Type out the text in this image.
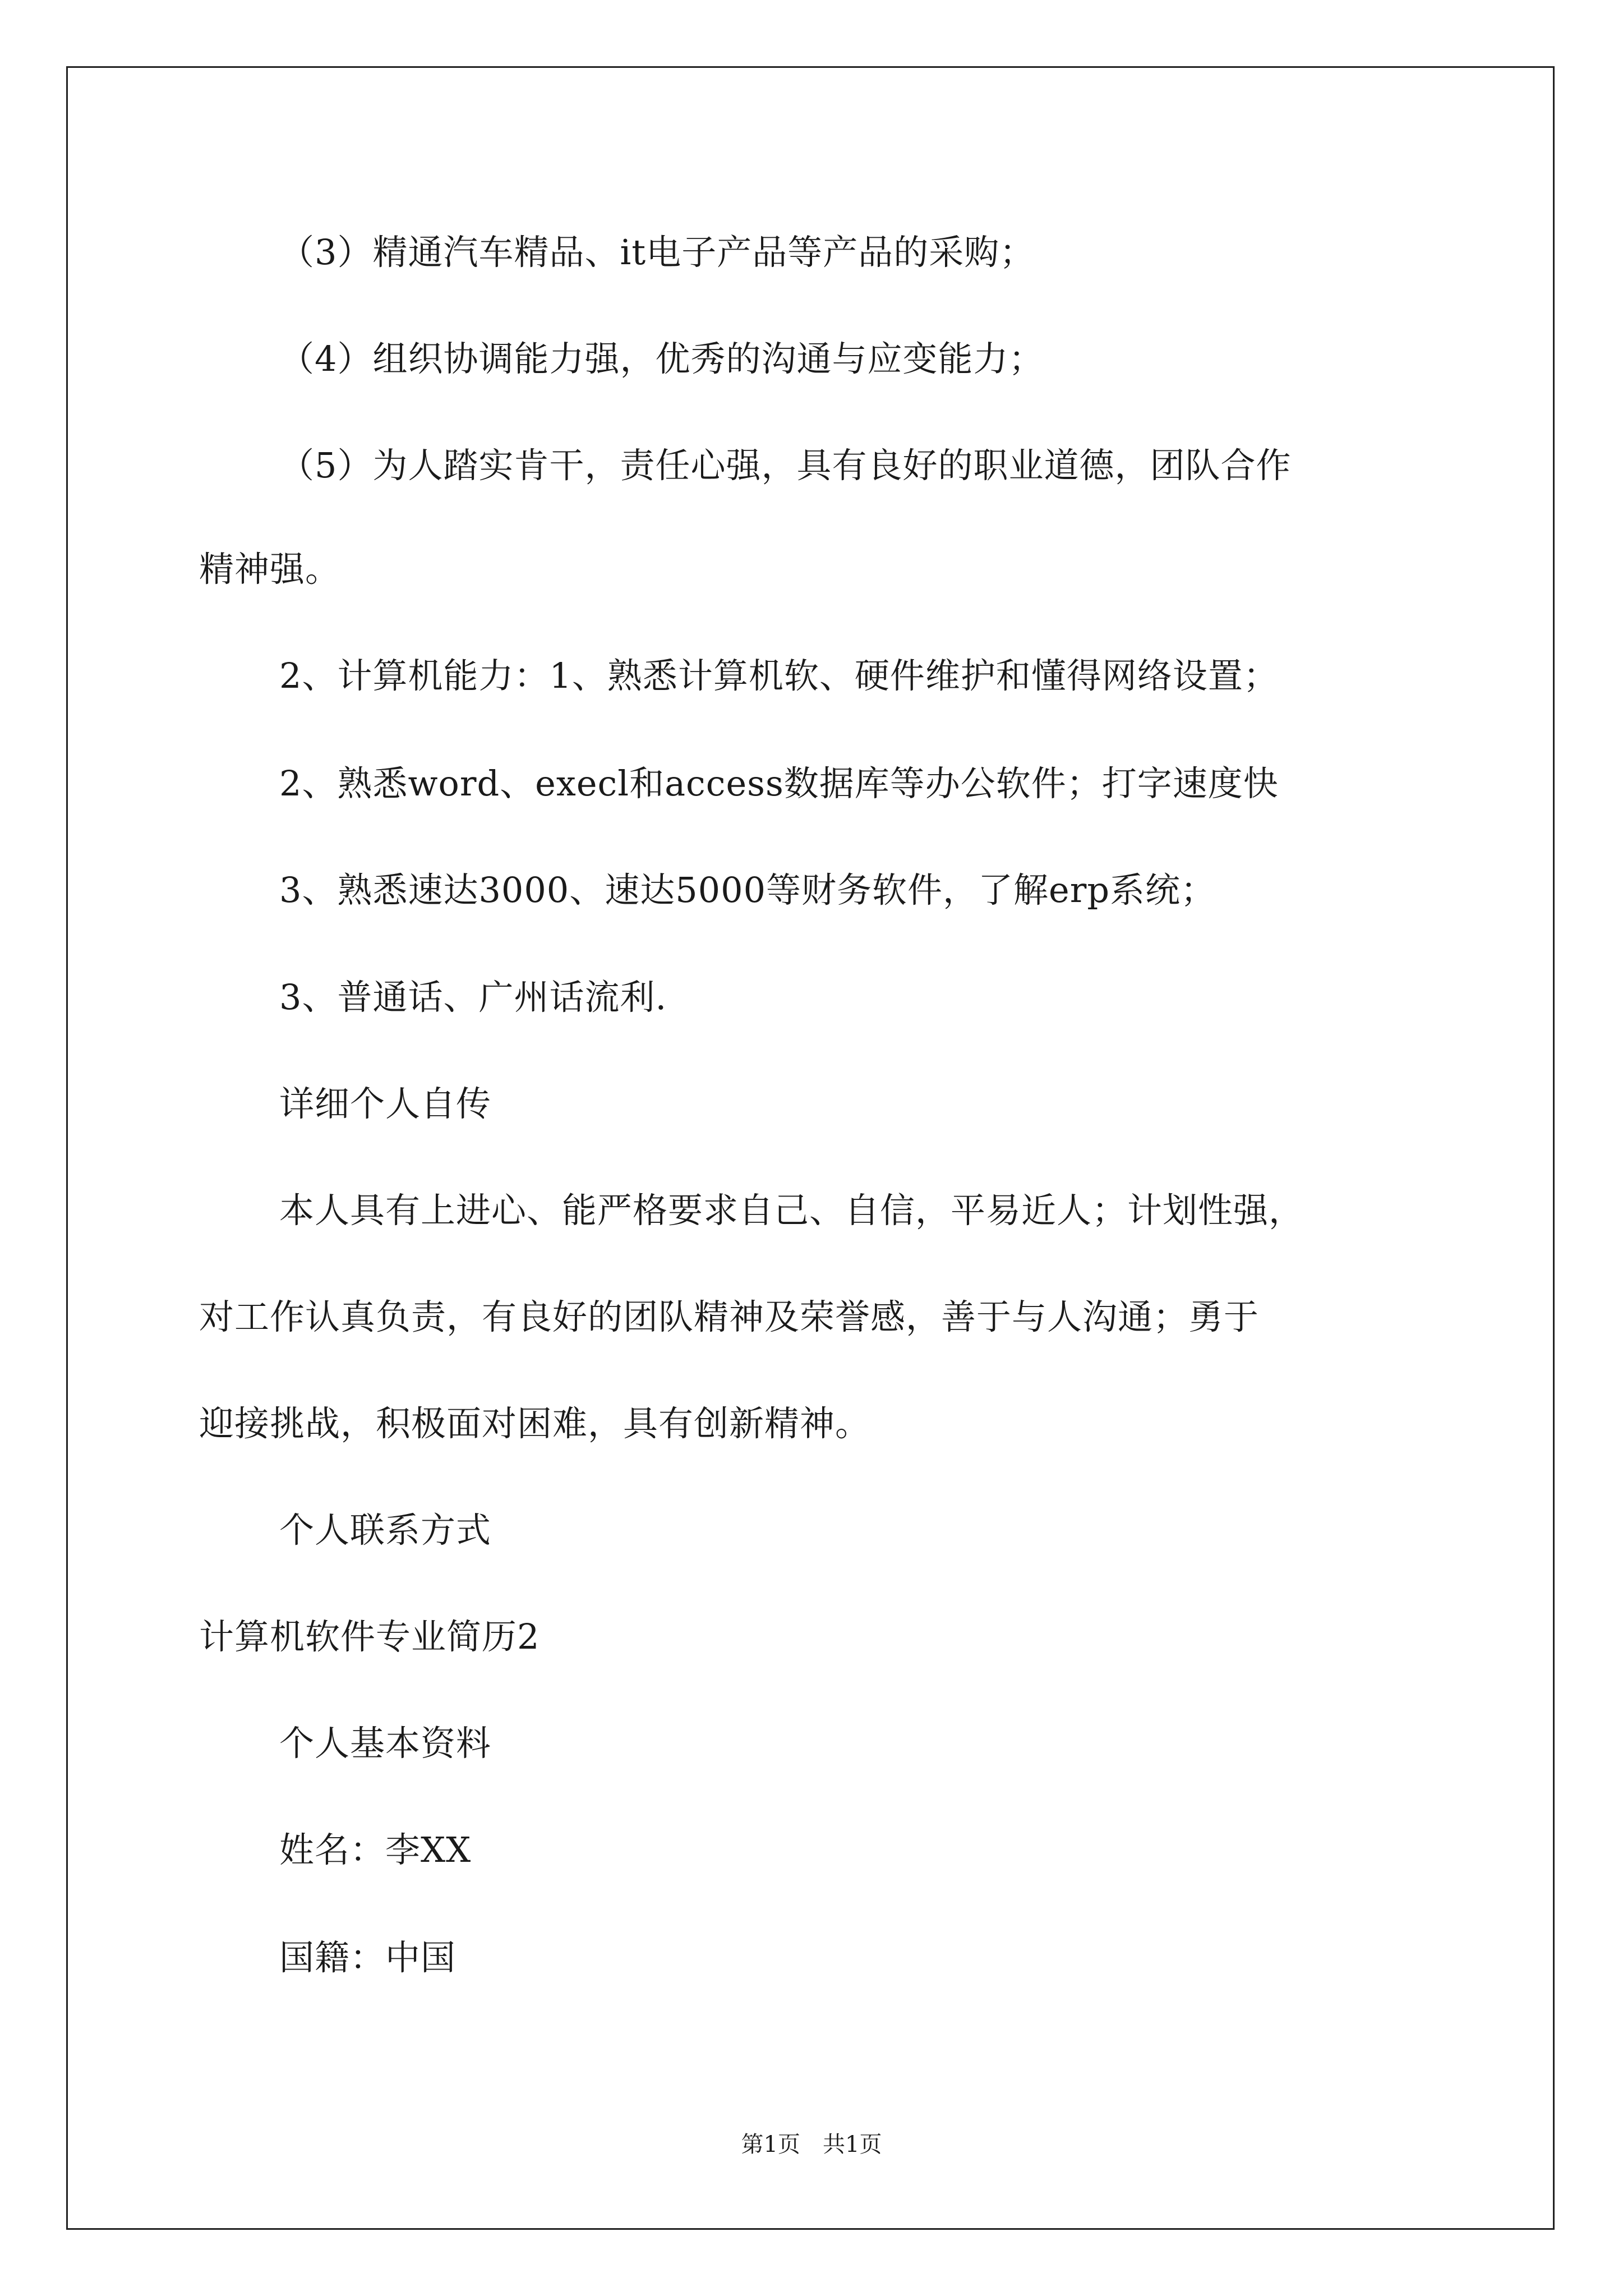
（3）精通汽车精品、it电子产品等产品的采购；
（4）组织协调能力强，优秀的沟通与应变能力；
（5）为人踏实肯干，责任心强，具有良好的职业道德，团队合作
精神强。
2、计算机能力：1、熟悉计算机软、硬件维护和懂得网络设置；
2、熟悉word、execl和access数据库等办公软件；打字速度快
3、熟悉速达3000、速达5000等财务软件，了解erp系统；
3、普通话、广州话流利.
详细个人自传
本人具有上进心、能严格要求自己、自信，平易近人；计划性强，
对工作认真负责，有良好的团队精神及荣誉感，善于与人沟通；勇于
迎接挑战，积极面对困难，具有创新精神。
个人联系方式
计算机软件专业简历2
个人基本资料
姓名：李XX
国籍：中国
第1页　共1页
